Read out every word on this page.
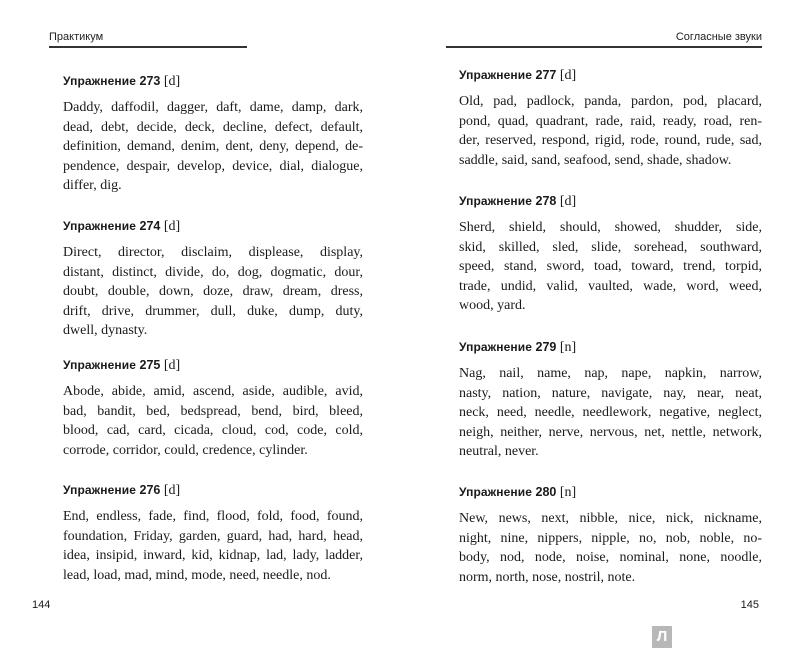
Практикум
Упражнение 273 [d]

Daddy, daffodil, dagger, daft, dame, damp, dark,
dead, debt, decide, deck, decline, defect, default,
definition, demand, denim, dent, deny, depend, de-
pendence, despair, develop, device, dial, dialogue,
differ, dig.

Упражнение 274 [d]

Direct, director, disclaim, displease, display,
distant, distinct, divide, do, dog, dogmatic, dour,
doubt, double, down, doze, draw, dream, dress,
drift, drive, drummer, dull, duke, dump, duty,
dwell, dynasty.

Упражнение 275 [d]

Abode, abide, amid, ascend, aside, audible, avid,
bad, bandit, bed, bedspread, bend, bird, bleed,
blood, cad, card, cicada, cloud, cod, code, cold,
corrode, corridor, could, credence, cylinder.

Упражнение 276 [d]

End, endless, fade, find, flood, fold, food, found,
foundation, Friday, garden, guard, had, hard, head,
idea, insipid, inward, kid, kidnap, lad, lady, ladder,
lead, load, mad, mind, mode, need, needle, nod.

144
Согласные звуки
Упражнение 277 [d]

Old, pad, padlock, panda, pardon, pod, placard,
pond, quad, quadrant, rade, raid, ready, road, ren-
der, reserved, respond, rigid, rode, round, rude, sad,
saddle, said, sand, seafood, send, shade, shadow.

Упражнение 278 [d]

Sherd, shield, should, showed, shudder, side,
skid, skilled, sled, slide, sorehead, southward,
speed, stand, sword, toad, toward, trend, torpid,
trade, undid, valid, vaulted, wade, word, weed,
wood, yard.

Упражнение 279 [n]

Nag, nail, name, nap, nape, napkin, narrow,
nasty, nation, nature, navigate, nay, near, neat,
neck, need, needle, needlework, negative, neglect,
neigh, neither, nerve, nervous, net, nettle, network,
neutral, never.

Упражнение 280 [n]

New, news, next, nibble, nice, nick, nickname,
night, nine, nippers, nipple, no, nob, noble, no-
body, nod, node, noise, nominal, none, noodle,
norm, north, nose, nostril, note.

145
Л
